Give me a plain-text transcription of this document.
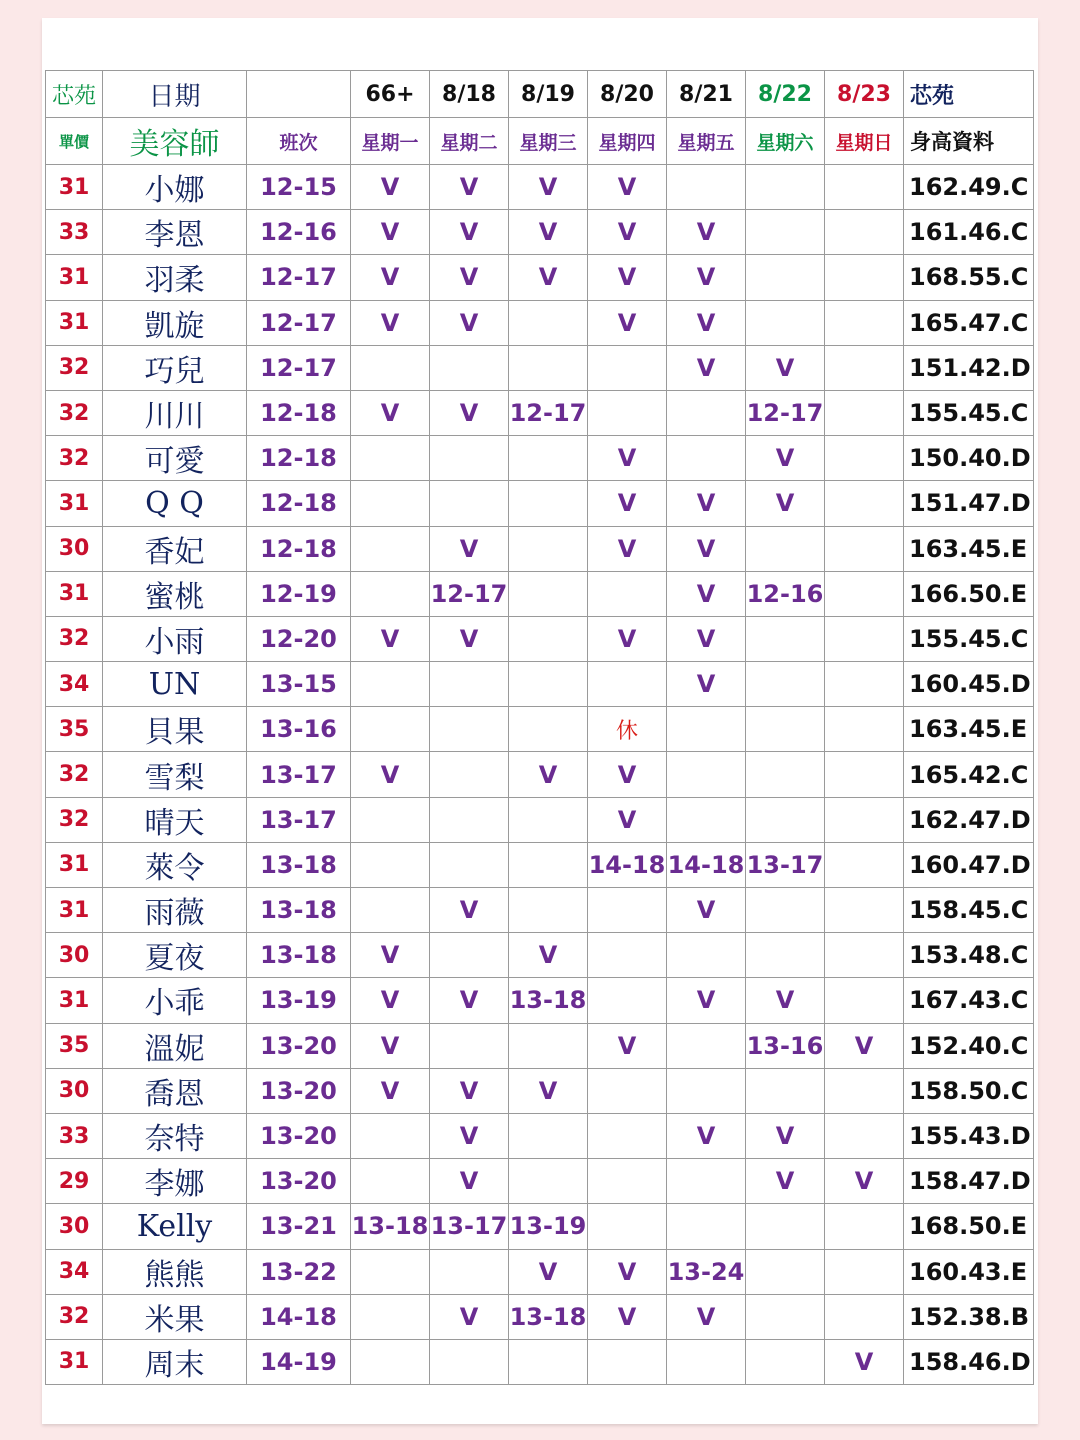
芯苑	日期		66+	8/18	8/19	8/20	8/21	8/22	8/23	芯苑
單價	美容師	班次	星期一	星期二	星期三	星期四	星期五	星期六	星期日	身高資料
31	小娜	12-15	V	V	V	V				162.49.C
33	李恩	12-16	V	V	V	V	V			161.46.C
31	羽柔	12-17	V	V	V	V	V			168.55.C
31	凱旋	12-17	V	V		V	V			165.47.C
32	巧兒	12-17					V	V		151.42.D
32	川川	12-18	V	V	12-17			12-17		155.45.C
32	可愛	12-18				V		V		150.40.D
31	Q Q	12-18				V	V	V		151.47.D
30	香妃	12-18		V		V	V			163.45.E
31	蜜桃	12-19		12-17			V	12-16		166.50.E
32	小雨	12-20	V	V		V	V			155.45.C
34	UN	13-15					V			160.45.D
35	貝果	13-16				休				163.45.E
32	雪梨	13-17	V		V	V				165.42.C
32	晴天	13-17				V				162.47.D
31	萊令	13-18				14-18	14-18	13-17		160.47.D
31	雨薇	13-18		V			V			158.45.C
30	夏夜	13-18	V		V					153.48.C
31	小乖	13-19	V	V	13-18		V	V		167.43.C
35	溫妮	13-20	V			V		13-16	V	152.40.C
30	喬恩	13-20	V	V	V					158.50.C
33	奈特	13-20		V			V	V		155.43.D
29	李娜	13-20		V				V	V	158.47.D
30	Kelly	13-21	13-18	13-17	13-19					168.50.E
34	熊熊	13-22			V	V	13-24			160.43.E
32	米果	14-18		V	13-18	V	V			152.38.B
31	周末	14-19							V	158.46.D
